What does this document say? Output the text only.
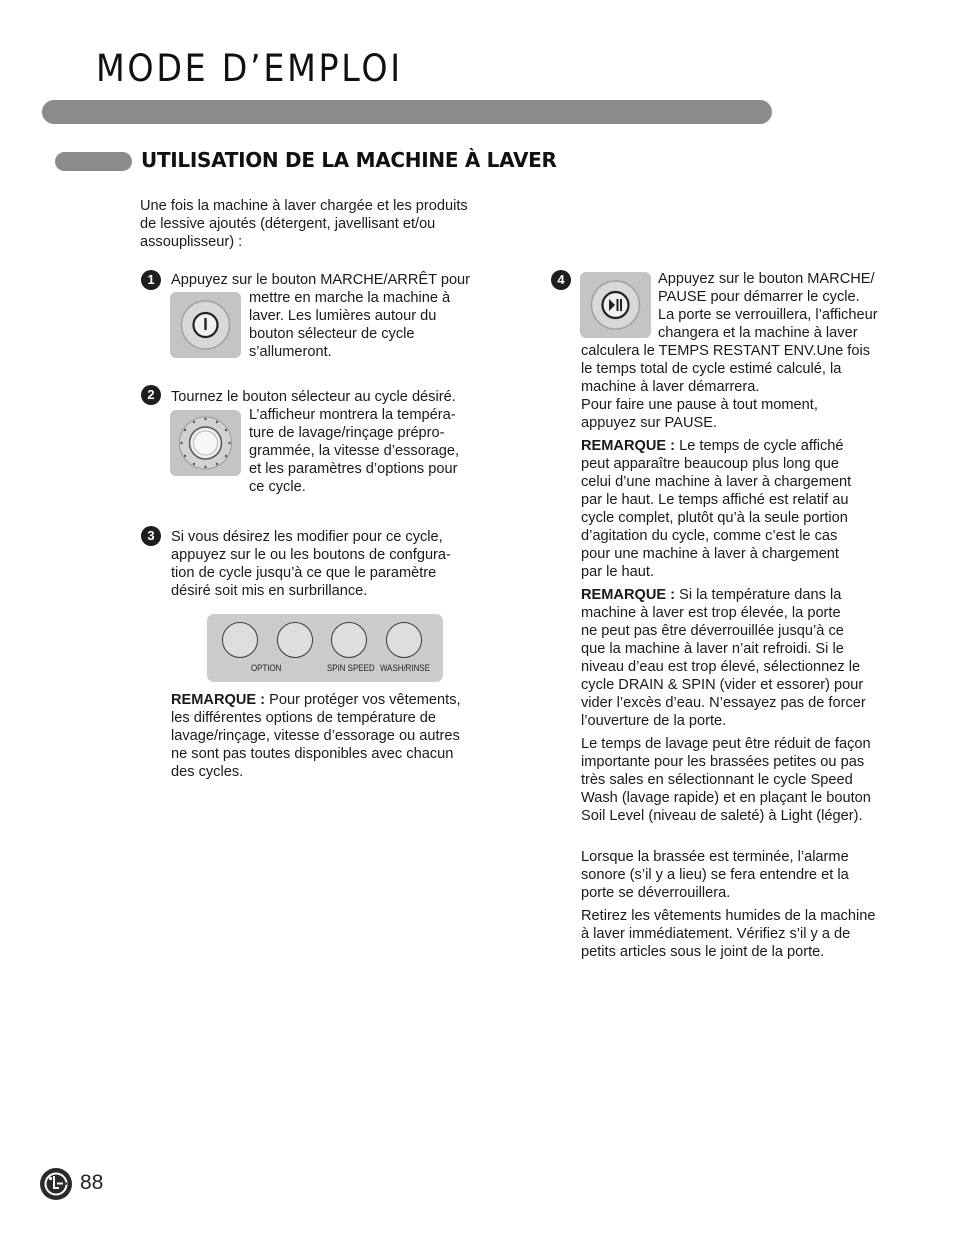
MODE D’EMPLOI
UTILISATION DE LA MACHINE À LAVER

Une fois la machine à laver chargée et les produits de lessive ajoutés (détergent, javellisant et/ou assouplisseur) :

1	Appuyez sur le bouton MARCHE/ARRÊT pour
mettre en marche la machine à
laver. Les lumières autour du
bouton sélecteur de cycle
s’allumeront.
2	Tournez le bouton sélecteur au cycle désiré.
L’afficheur montrera la tempéra-
ture de lavage/rinçage prépro-
grammée, la vitesse d’essorage,
et les paramètres d’options pour
ce cycle.
3	Si vous désirez les modifier pour ce cycle,
appuyez sur le ou les boutons de confgura-
tion de cycle jusqu’à ce que le paramètre
désiré soit mis en surbrillance.
OPTION	SPIN SPEED WASH/RINSE
REMARQUE : Pour protéger vos vêtements,
les différentes options de température de
lavage/rinçage, vitesse d’essorage ou autres
ne sont pas toutes disponibles avec chacun
des cycles.
4	Appuyez sur le bouton MARCHE/
PAUSE pour démarrer le cycle.
La porte se verrouillera, l’afficheur
changera et la machine à laver
calculera le TEMPS RESTANT ENV.Une fois
le temps total de cycle estimé calculé, la
machine à laver démarrera.
Pour faire une pause à tout moment,
appuyez sur PAUSE.
REMARQUE : Le temps de cycle affiché
peut apparaître beaucoup plus long que
celui d’une machine à laver à chargement
par le haut. Le temps affiché est relatif au
cycle complet, plutôt qu’à la seule portion
d’agitation du cycle, comme c’est le cas
pour une machine à laver à chargement
par le haut.
REMARQUE : Si la température dans la
machine à laver est trop élevée, la porte
ne peut pas être déverrouillée jusqu’à ce
que la machine à laver n’ait refroidi. Si le
niveau d’eau est trop élevé, sélectionnez le
cycle DRAIN & SPIN (vider et essorer) pour
vider l’excès d’eau. N’essayez pas de forcer
l’ouverture de la porte.
Le temps de lavage peut être réduit de façon
importante pour les brassées petites ou pas
très sales en sélectionnant le cycle Speed
Wash (lavage rapide) et en plaçant le bouton
Soil Level (niveau de saleté) à Light (léger).
Lorsque la brassée est terminée, l’alarme
sonore (s’il y a lieu) se fera entendre et la
porte se déverrouillera.
Retirez les vêtements humides de la machine
à laver immédiatement. Vérifiez s’il y a de
petits articles sous le joint de la porte.
88
